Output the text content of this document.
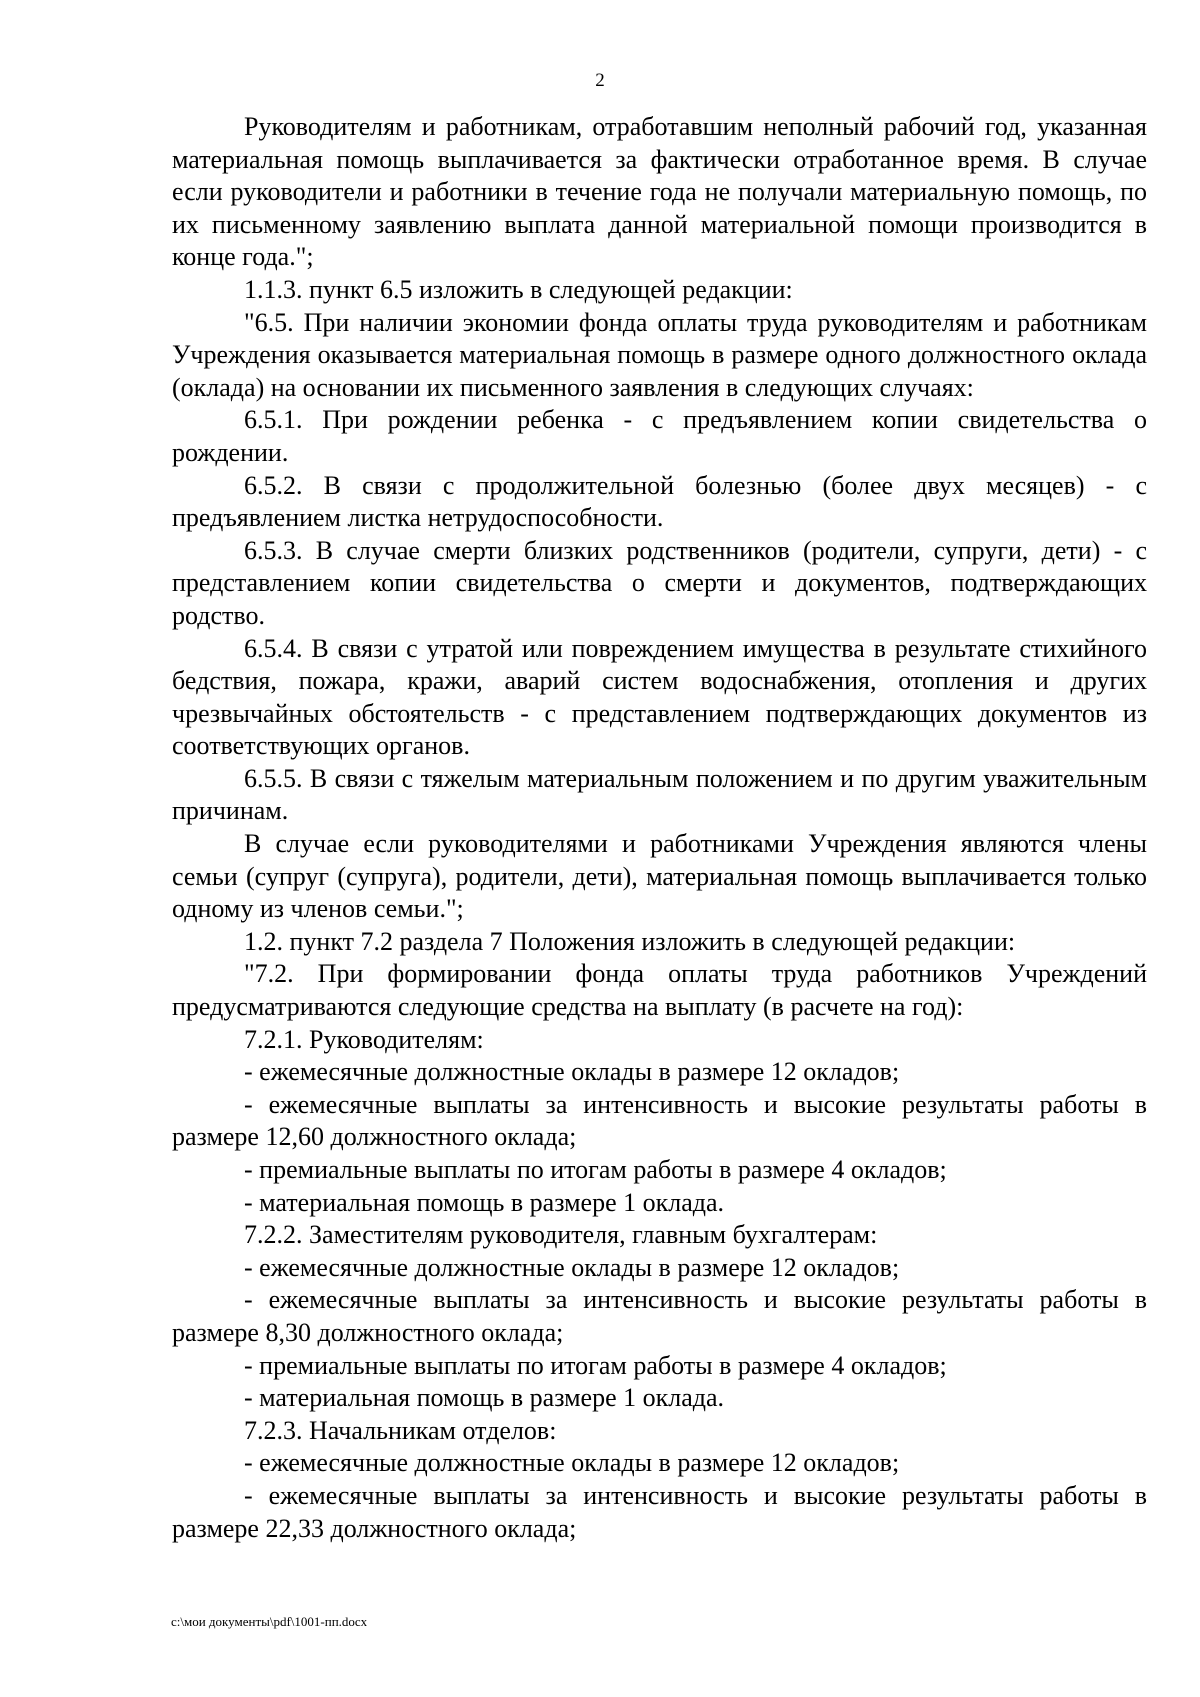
2

Руководителям и работникам, отработавшим неполный рабочий год, указанная материальная помощь выплачивается за фактически отработанное время. В случае если руководители и работники в течение года не получали материальную помощь, по их письменному заявлению выплата данной материальной помощи производится в конце года.";

1.1.3. пункт 6.5 изложить в следующей редакции:

"6.5. При наличии экономии фонда оплаты труда руководителям и работникам Учреждения оказывается материальная помощь в размере одного должностного оклада (оклада) на основании их письменного заявления в следующих случаях:

6.5.1. При рождении ребенка - с предъявлением копии свидетельства о рождении.

6.5.2. В связи с продолжительной болезнью (более двух месяцев) - с предъявлением листка нетрудоспособности.

6.5.3. В случае смерти близких родственников (родители, супруги, дети) - с представлением копии свидетельства о смерти и документов, подтверждающих родство.

6.5.4. В связи с утратой или повреждением имущества в результате стихийного бедствия, пожара, кражи, аварий систем водоснабжения, отопления и других чрезвычайных обстоятельств - с представлением подтверждающих документов из соответствующих органов.

6.5.5. В связи с тяжелым материальным положением и по другим уважительным причинам.

В случае если руководителями и работниками Учреждения являются члены семьи (супруг (супруга), родители, дети), материальная помощь выплачивается только одному из членов семьи.";

1.2. пункт 7.2 раздела 7 Положения изложить в следующей редакции:

"7.2. При формировании фонда оплаты труда работников Учреждений предусматриваются следующие средства на выплату (в расчете на год):

7.2.1. Руководителям:

- ежемесячные должностные оклады в размере 12 окладов;

- ежемесячные выплаты за интенсивность и высокие результаты работы в размере 12,60 должностного оклада;

- премиальные выплаты по итогам работы в размере 4 окладов;

- материальная помощь в размере 1 оклада.

7.2.2. Заместителям руководителя, главным бухгалтерам:

- ежемесячные должностные оклады в размере 12 окладов;

- ежемесячные выплаты за интенсивность и высокие результаты работы в размере 8,30 должностного оклада;

- премиальные выплаты по итогам работы в размере 4 окладов;

- материальная помощь в размере 1 оклада.

7.2.3. Начальникам отделов:

- ежемесячные должностные оклады в размере 12 окладов;

- ежемесячные выплаты за интенсивность и высокие результаты работы в размере 22,33 должностного оклада;

c:\мои документы\pdf\1001-пп.docx
